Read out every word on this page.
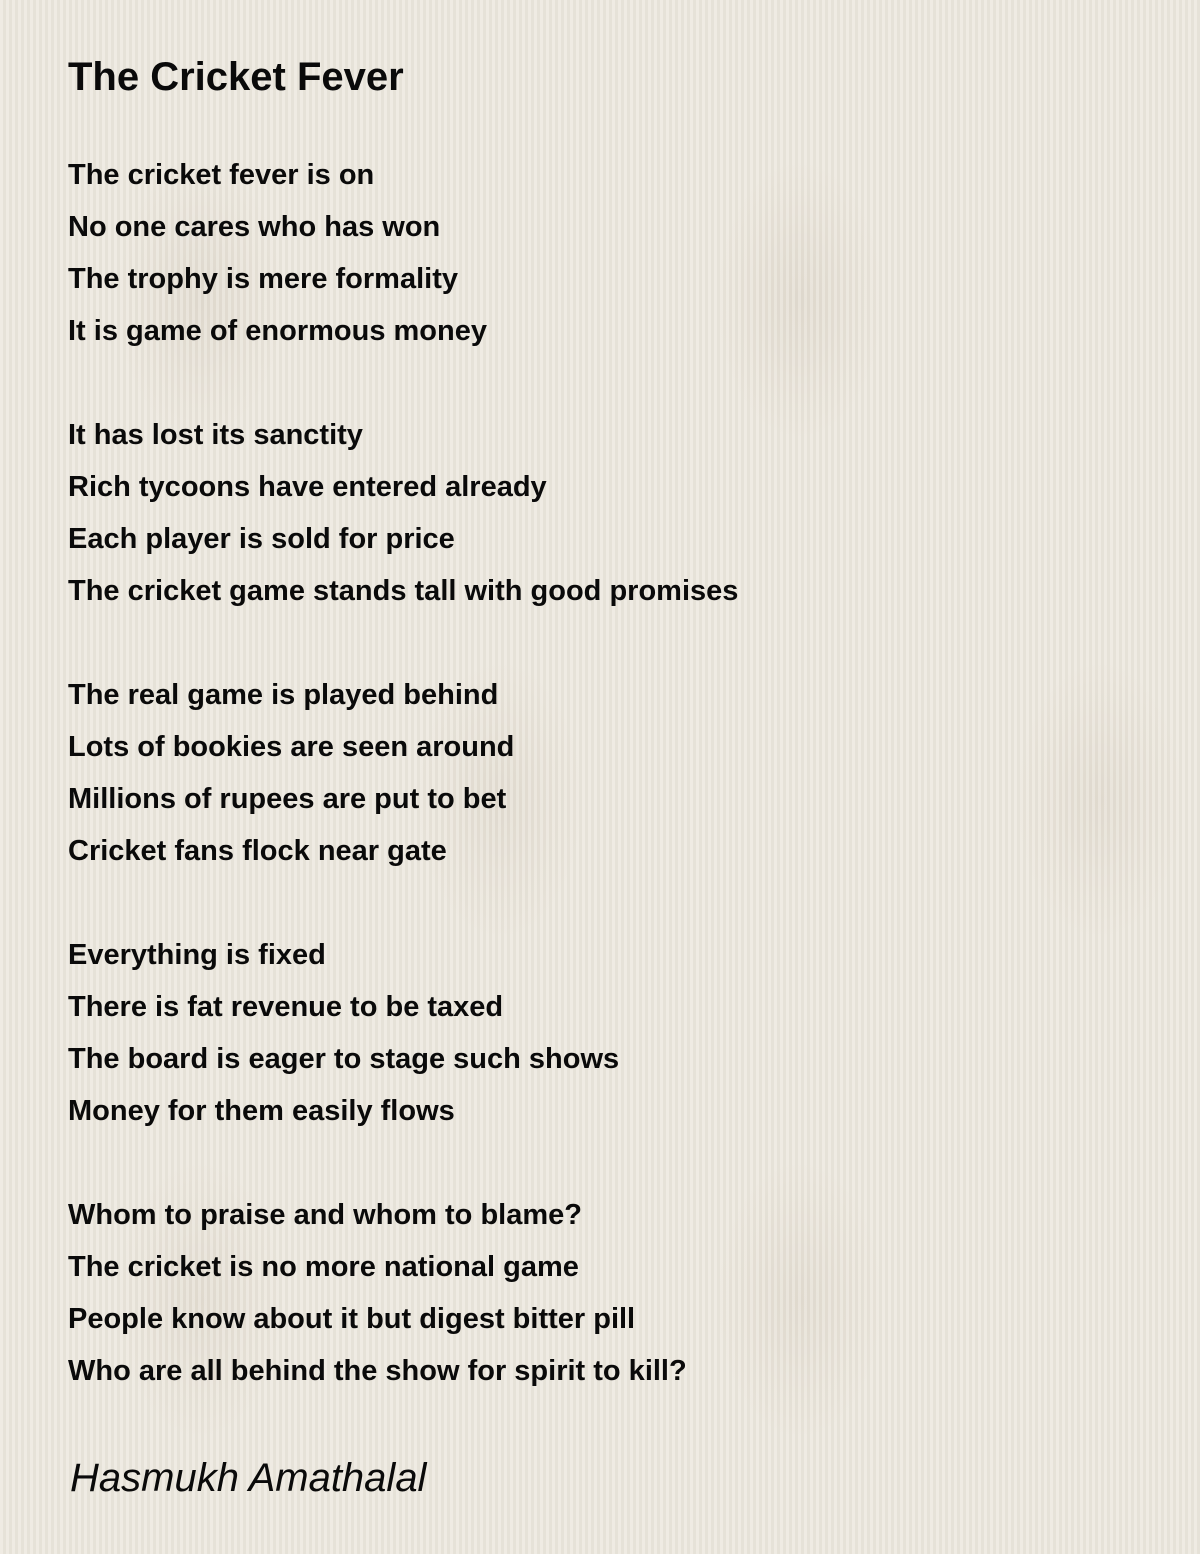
The Cricket Fever
The cricket fever is on
No one cares who has won
The trophy is mere formality
It is game of enormous money
It has lost its sanctity
Rich tycoons have entered already
Each player is sold for price
The cricket game stands tall with good promises
The real game is played behind
Lots of bookies are seen around
Millions of rupees are put to bet
Cricket fans flock near gate
Everything is fixed
There is fat revenue to be taxed
The board is eager to stage such shows
Money for them easily flows
Whom to praise and whom to blame?
The cricket is no more national game
People know about it but digest bitter pill
Who are all behind the show for spirit to kill?
Hasmukh Amathalal
